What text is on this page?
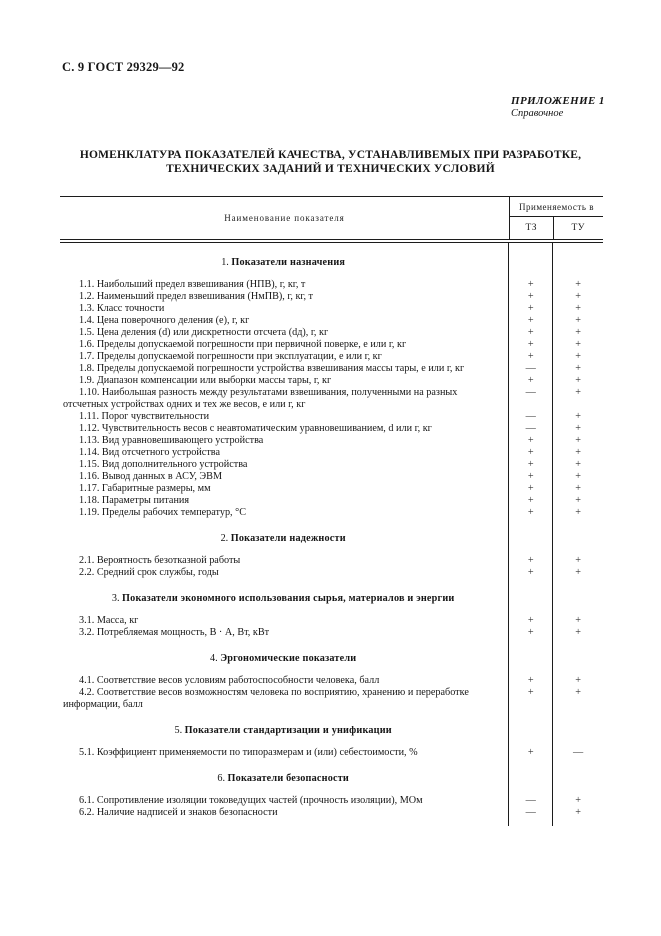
С. 9 ГОСТ 29329—92
ПРИЛОЖЕНИЕ 1
Справочное
НОМЕНКЛАТУРА ПОКАЗАТЕЛЕЙ КАЧЕСТВА, УСТАНАВЛИВЕМЫХ ПРИ РАЗРАБОТКЕ,
ТЕХНИЧЕСКИХ ЗАДАНИЙ И ТЕХНИЧЕСКИХ УСЛОВИЙ
Наименование показателя
Применяемость в
ТЗ	ТУ
1. Показатели назначения
1.1. Наибольший предел взвешивания (НПВ), г, кг, т	+	+
1.2. Наименьший предел взвешивания (НмПВ), г, кг, т	+	+
1.3. Класс точности	+	+
1.4. Цена поверочного деления (e), г, кг	+	+
1.5. Цена деления (d) или дискретности отсчета (dд), г, кг	+	+
1.6. Пределы допускаемой погрешности при первичной поверке, e или г, кг	+	+
1.7. Пределы допускаемой погрешности при эксплуатации, e или г, кг	+	+
1.8. Пределы допускаемой погрешности устройства взвешивания массы тары, e или г, кг	—	+
1.9. Диапазон компенсации или выборки массы тары, г, кг	+	+
1.10. Наибольшая разность между результатами взвешивания, полученными на разных отсчетных устройствах одних и тех же весов, e или г, кг
—	+
1.11. Порог чувствительности	—	+
1.12. Чувствительность весов с неавтоматическим уравновешиванием, d или г, кг	—	+
1.13. Вид уравновешивающего устройства	+	+
1.14. Вид отсчетного устройства	+	+
1.15. Вид дополнительного устройства	+	+
1.16. Вывод данных в АСУ, ЭВМ	+	+
1.17. Габаритные размеры, мм	+	+
1.18. Параметры питания	+	+
1.19. Пределы рабочих температур, °С	+	+
2. Показатели надежности
2.1. Вероятность безотказной работы	+	+
2.2. Средний срок службы, годы	+	+
3. Показатели экономного использования сырья, материалов и энергии
3.1. Масса, кг	+	+
3.2. Потребляемая мощность, В · А, Вт, кВт	+	+
4. Эргономические показатели
4.1. Соответствие весов условиям работоспособности человека, балл	+	+
4.2. Соответствие весов возможностям человека по восприятию, хранению и переработке информации, балл
+	+
5. Показатели стандартизации и унификации
5.1. Коэффициент применяемости по типоразмерам и (или) себестоимости, %	+	—
6. Показатели безопасности
6.1. Сопротивление изоляции токоведущих частей (прочность изоляции), МОм	—	+
6.2. Наличие надписей и знаков безопасности	—	+
